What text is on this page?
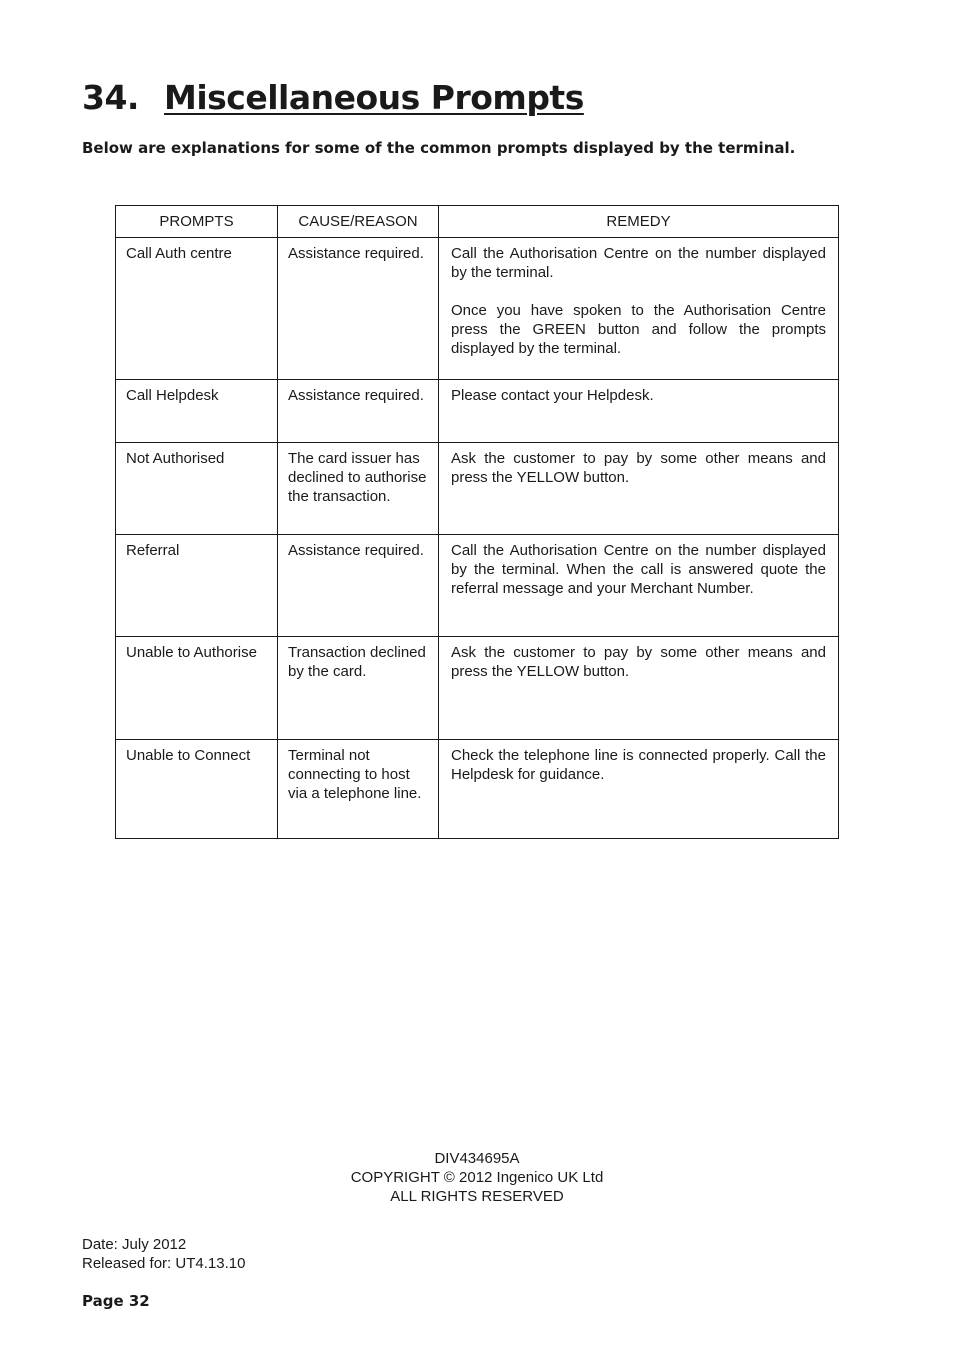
34. Miscellaneous Prompts

Below are explanations for some of the common prompts displayed by the terminal.

PROMPTS	CAUSE/REASON	REMEDY

Call Auth centre	Assistance required.	Call the Authorisation Centre on the number displayed by the terminal.

Once you have spoken to the Authorisation Centre press the GREEN button and follow the prompts displayed by the terminal.

Call Helpdesk	Assistance required.	Please contact your Helpdesk.

Not Authorised	The card issuer has declined to authorise the transaction.	Ask the customer to pay by some other means and press the YELLOW button.

Referral	Assistance required.	Call the Authorisation Centre on the number displayed by the terminal. When the call is answered quote the referral message and your Merchant Number.

Unable to Authorise	Transaction declined by the card.	Ask the customer to pay by some other means and press the YELLOW button.

Unable to Connect	Terminal not connecting to host via a telephone line.	Check the telephone line is connected properly. Call the Helpdesk for guidance.

DIV434695A
COPYRIGHT © 2012 Ingenico UK Ltd
ALL RIGHTS RESERVED
Date: July 2012
Released for: UT4.13.10
Page 32
